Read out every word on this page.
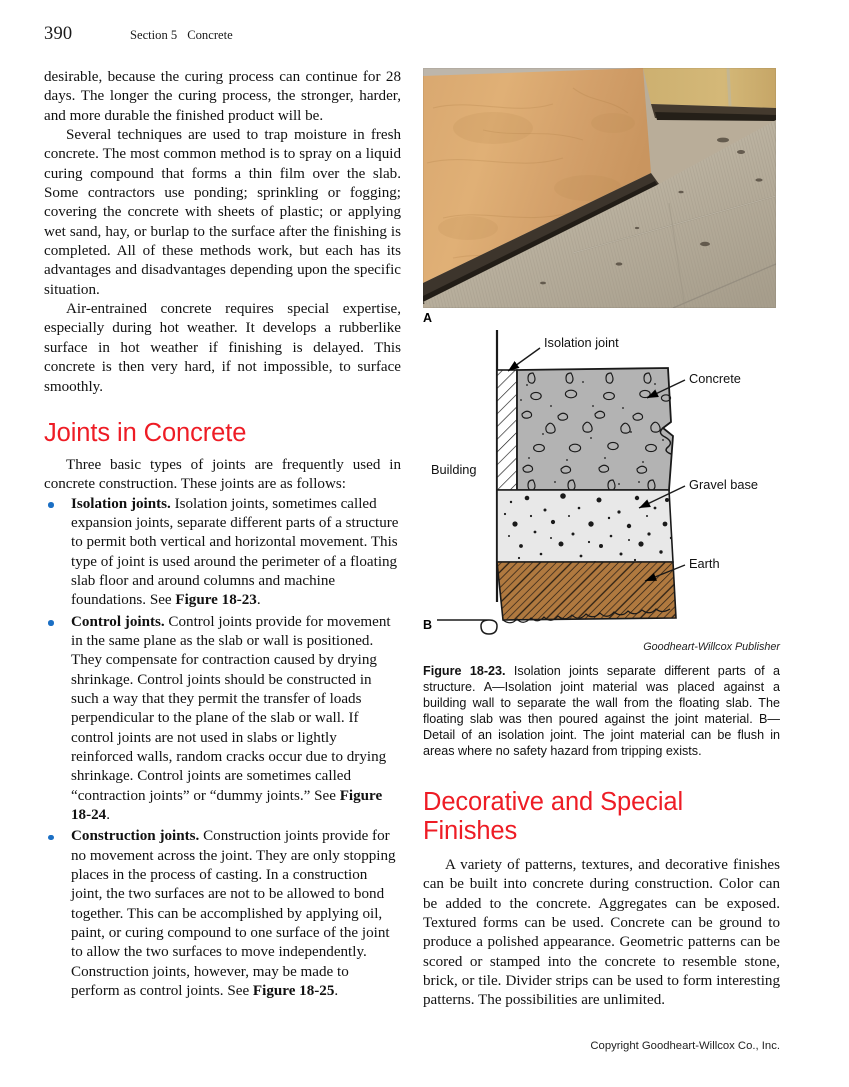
390	Section 5 Concrete

desirable, because the curing process can continue for 28 days. The longer the curing process, the stronger, harder, and more durable the finished product will be.

Several techniques are used to trap moisture in fresh concrete. The most common method is to spray on a liquid curing compound that forms a thin film over the slab. Some contractors use ponding; sprinkling or fogging; covering the concrete with sheets of plastic; or applying wet sand, hay, or burlap to the surface after the finishing is completed. All of these methods work, but each has its advantages and disadvantages depending upon the specific situation.

Air-entrained concrete requires special expertise, especially during hot weather. It develops a rubberlike surface in hot weather if finishing is delayed. This concrete is then very hard, if not impossible, to surface smoothly.

Joints in Concrete

Three basic types of joints are frequently used in concrete construction. These joints are as follows:

Isolation joints. Isolation joints, sometimes called expansion joints, separate different parts of a structure to permit both vertical and horizontal movement. This type of joint is used around the perimeter of a floating slab floor and around columns and machine foundations. See Figure 18-23.
Control joints. Control joints provide for movement in the same plane as the slab or wall is positioned. They compensate for contraction caused by drying shrinkage. Control joints should be constructed in such a way that they permit the transfer of loads perpendicular to the plane of the slab or wall. If control joints are not used in slabs or lightly reinforced walls, random cracks occur due to drying shrinkage. Control joints are sometimes called “contraction joints” or “dummy joints.” See Figure 18-24.
Construction joints. Construction joints provide for no movement across the joint. They are only stopping places in the process of casting. In a construction joint, the two surfaces are not to be allowed to bond together. This can be accomplished by applying oil, paint, or curing compound to one surface of the joint to allow the two surfaces to move independently. Construction joints, however, may be made to perform as control joints. See Figure 18-25.
A
Isolation joint
Concrete
Gravel base
Earth
Building
B
Goodheart-Willcox Publisher
Figure 18-23. Isolation joints separate different parts of a structure. A—Isolation joint material was placed against a building wall to separate the wall from the floating slab. The floating slab was then poured against the joint material. B—Detail of an isolation joint. The joint material can be flush in areas where no safety hazard from tripping exists.
Decorative and Special Finishes

A variety of patterns, textures, and decorative finishes can be built into concrete during construction. Color can be added to the concrete. Aggregates can be exposed. Textured forms can be used. Concrete can be ground to produce a polished appearance. Geometric patterns can be scored or stamped into the concrete to resemble stone, brick, or tile. Divider strips can be used to form interesting patterns. The possibilities are unlimited.

Copyright Goodheart-Willcox Co., Inc.
